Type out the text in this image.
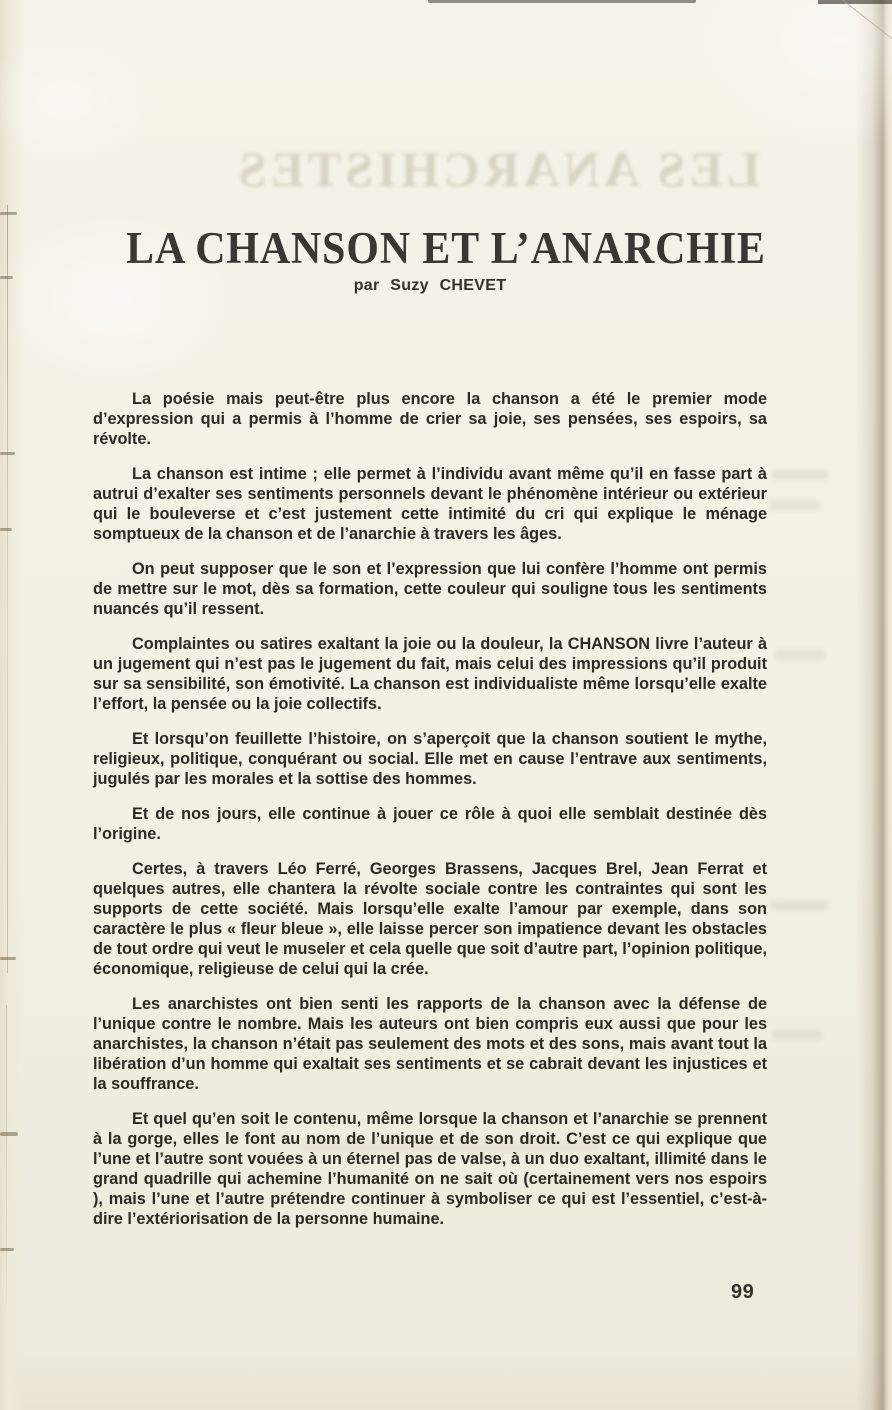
LES ANARCHISTES
LA CHANSON ET L’ANARCHIE
par Suzy CHEVET

La poésie mais peut-être plus encore la chanson a été le premier mode d’expression qui a permis à l’homme de crier sa joie, ses pensées, ses espoirs, sa révolte.

La chanson est intime ; elle permet à l’individu avant même qu’il en fasse part à autrui d’exalter ses sentiments personnels devant le phénomène intérieur ou extérieur qui le bouleverse et c’est justement cette intimité du cri qui explique le ménage somptueux de la chanson et de l’anarchie à travers les âges.

On peut supposer que le son et l’expression que lui confère l’homme ont permis de mettre sur le mot, dès sa formation, cette couleur qui souligne tous les sentiments nuancés qu’il ressent.

Complaintes ou satires exaltant la joie ou la douleur, la CHANSON livre l’auteur à un jugement qui n’est pas le jugement du fait, mais celui des impressions qu’il produit sur sa sensibilité, son émotivité. La chanson est individualiste même lorsqu’elle exalte l’effort, la pensée ou la joie collectifs.

Et lorsqu’on feuillette l’histoire, on s’aperçoit que la chanson soutient le mythe, religieux, politique, conquérant ou social. Elle met en cause l’entrave aux sentiments, jugulés par les morales et la sottise des hommes.

Et de nos jours, elle continue à jouer ce rôle à quoi elle semblait destinée dès l’origine.

Certes, à travers Léo Ferré, Georges Brassens, Jacques Brel, Jean Ferrat et quelques autres, elle chantera la révolte sociale contre les contraintes qui sont les supports de cette société. Mais lorsqu’elle exalte l’amour par exemple, dans son caractère le plus « fleur bleue », elle laisse percer son impatience devant les obstacles de tout ordre qui veut le museler et cela quelle que soit d’autre part, l’opinion politique, économique, religieuse de celui qui la crée.

Les anarchistes ont bien senti les rapports de la chanson avec la défense de l’unique contre le nombre. Mais les auteurs ont bien compris eux aussi que pour les anarchistes, la chanson n’était pas seulement des mots et des sons, mais avant tout la libération d’un homme qui exaltait ses sentiments et se cabrait devant les injustices et la souffrance.

Et quel qu’en soit le contenu, même lorsque la chanson et l’anarchie se prennent à la gorge, elles le font au nom de l’unique et de son droit. C’est ce qui explique que l’une et l’autre sont vouées à un éternel pas de valse, à un duo exaltant, illimité dans le grand quadrille qui achemine l’humanité on ne sait où (certainement vers nos espoirs ), mais l’une et l’autre prétendre continuer à symboliser ce qui est l’essentiel, c’est-à-dire l’extériorisation de la personne humaine.

99
